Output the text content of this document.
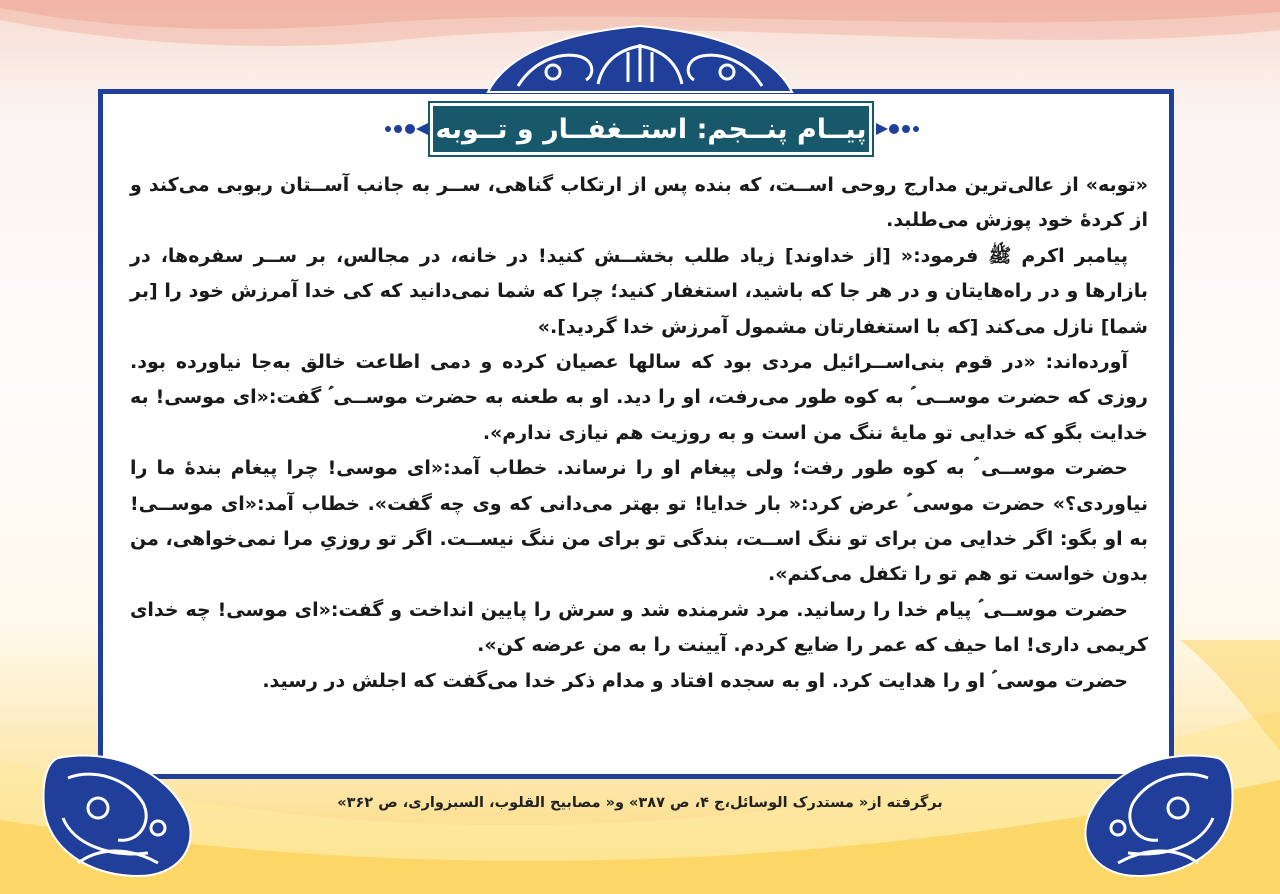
پیــام پنــجم: استــغفــار و تــوبه

«توبه» از عالی‌ترین مدارج روحی اســت، که بنده پس از ارتکاب گناهی، ســر به جانب آســتان ربوبی می‌کند و از کردۀ خود پوزش می‌طلبد.

پیامبر اکرم ﷺ فرمود:« [از خداوند] زیاد طلب بخشــش کنید! در خانه، در مجالس، بر ســر سفره‌ها، در بازارها و در راه‌هایتان و در هر جا که باشید، استغفار کنید؛ چرا که شما نمی‌دانید که کی خدا آمرزش خود را [بر شما] نازل می‌کند [که با استغفارتان مشمول آمرزش خدا گردید].»

آورده‌اند: «در قوم بنی‌اســرائیل مردی بود که سالها عصیان کرده و دمی اطاعت خالق به‌جا نیاورده بود. روزی که حضرت موســی ؑ به کوه طور می‌رفت، او را دید. او به طعنه به حضرت موســی ؑ گفت:«ای موسی! به خدایت بگو که خدایی تو مایۀ ننگ من است و به روزیت هم نیازی ندارم».

حضرت موســی ؑ به کوه طور رفت؛ ولی پیغام او را نرساند. خطاب آمد:«ای موسی! چرا پیغام بندۀ ما را نیاوردی؟» حضرت موسی ؑ عرض کرد:« بار خدایا! تو بهتر می‌دانی که وی چه گفت». خطاب آمد:«ای موســی! به او بگو: اگر خدایی من برای تو ننگ اســت، بندگی تو برای من ننگ نیســت. اگر تو روزیِ مرا نمی‌خواهی، من بدون خواست تو هم تو را تکفل می‌کنم».

حضرت موســی ؑ پیام خدا را رسانید. مرد شرمنده شد و سرش را پایین انداخت و گفت:«ای موسی! چه خدای کریمی داری! اما حیف که عمر را ضایع کردم. آیینت را به من عرضه کن».

حضرت موسی ؑ او را هدایت کرد. او به سجده افتاد و مدام ذکر خدا می‌گفت که اجلش در رسید.

برگرفته از« مستدرک الوسائل،ج ۴، ص ۳۸۷» و« مصابیح القلوب، السبزواری، ص ۳۶۲»
